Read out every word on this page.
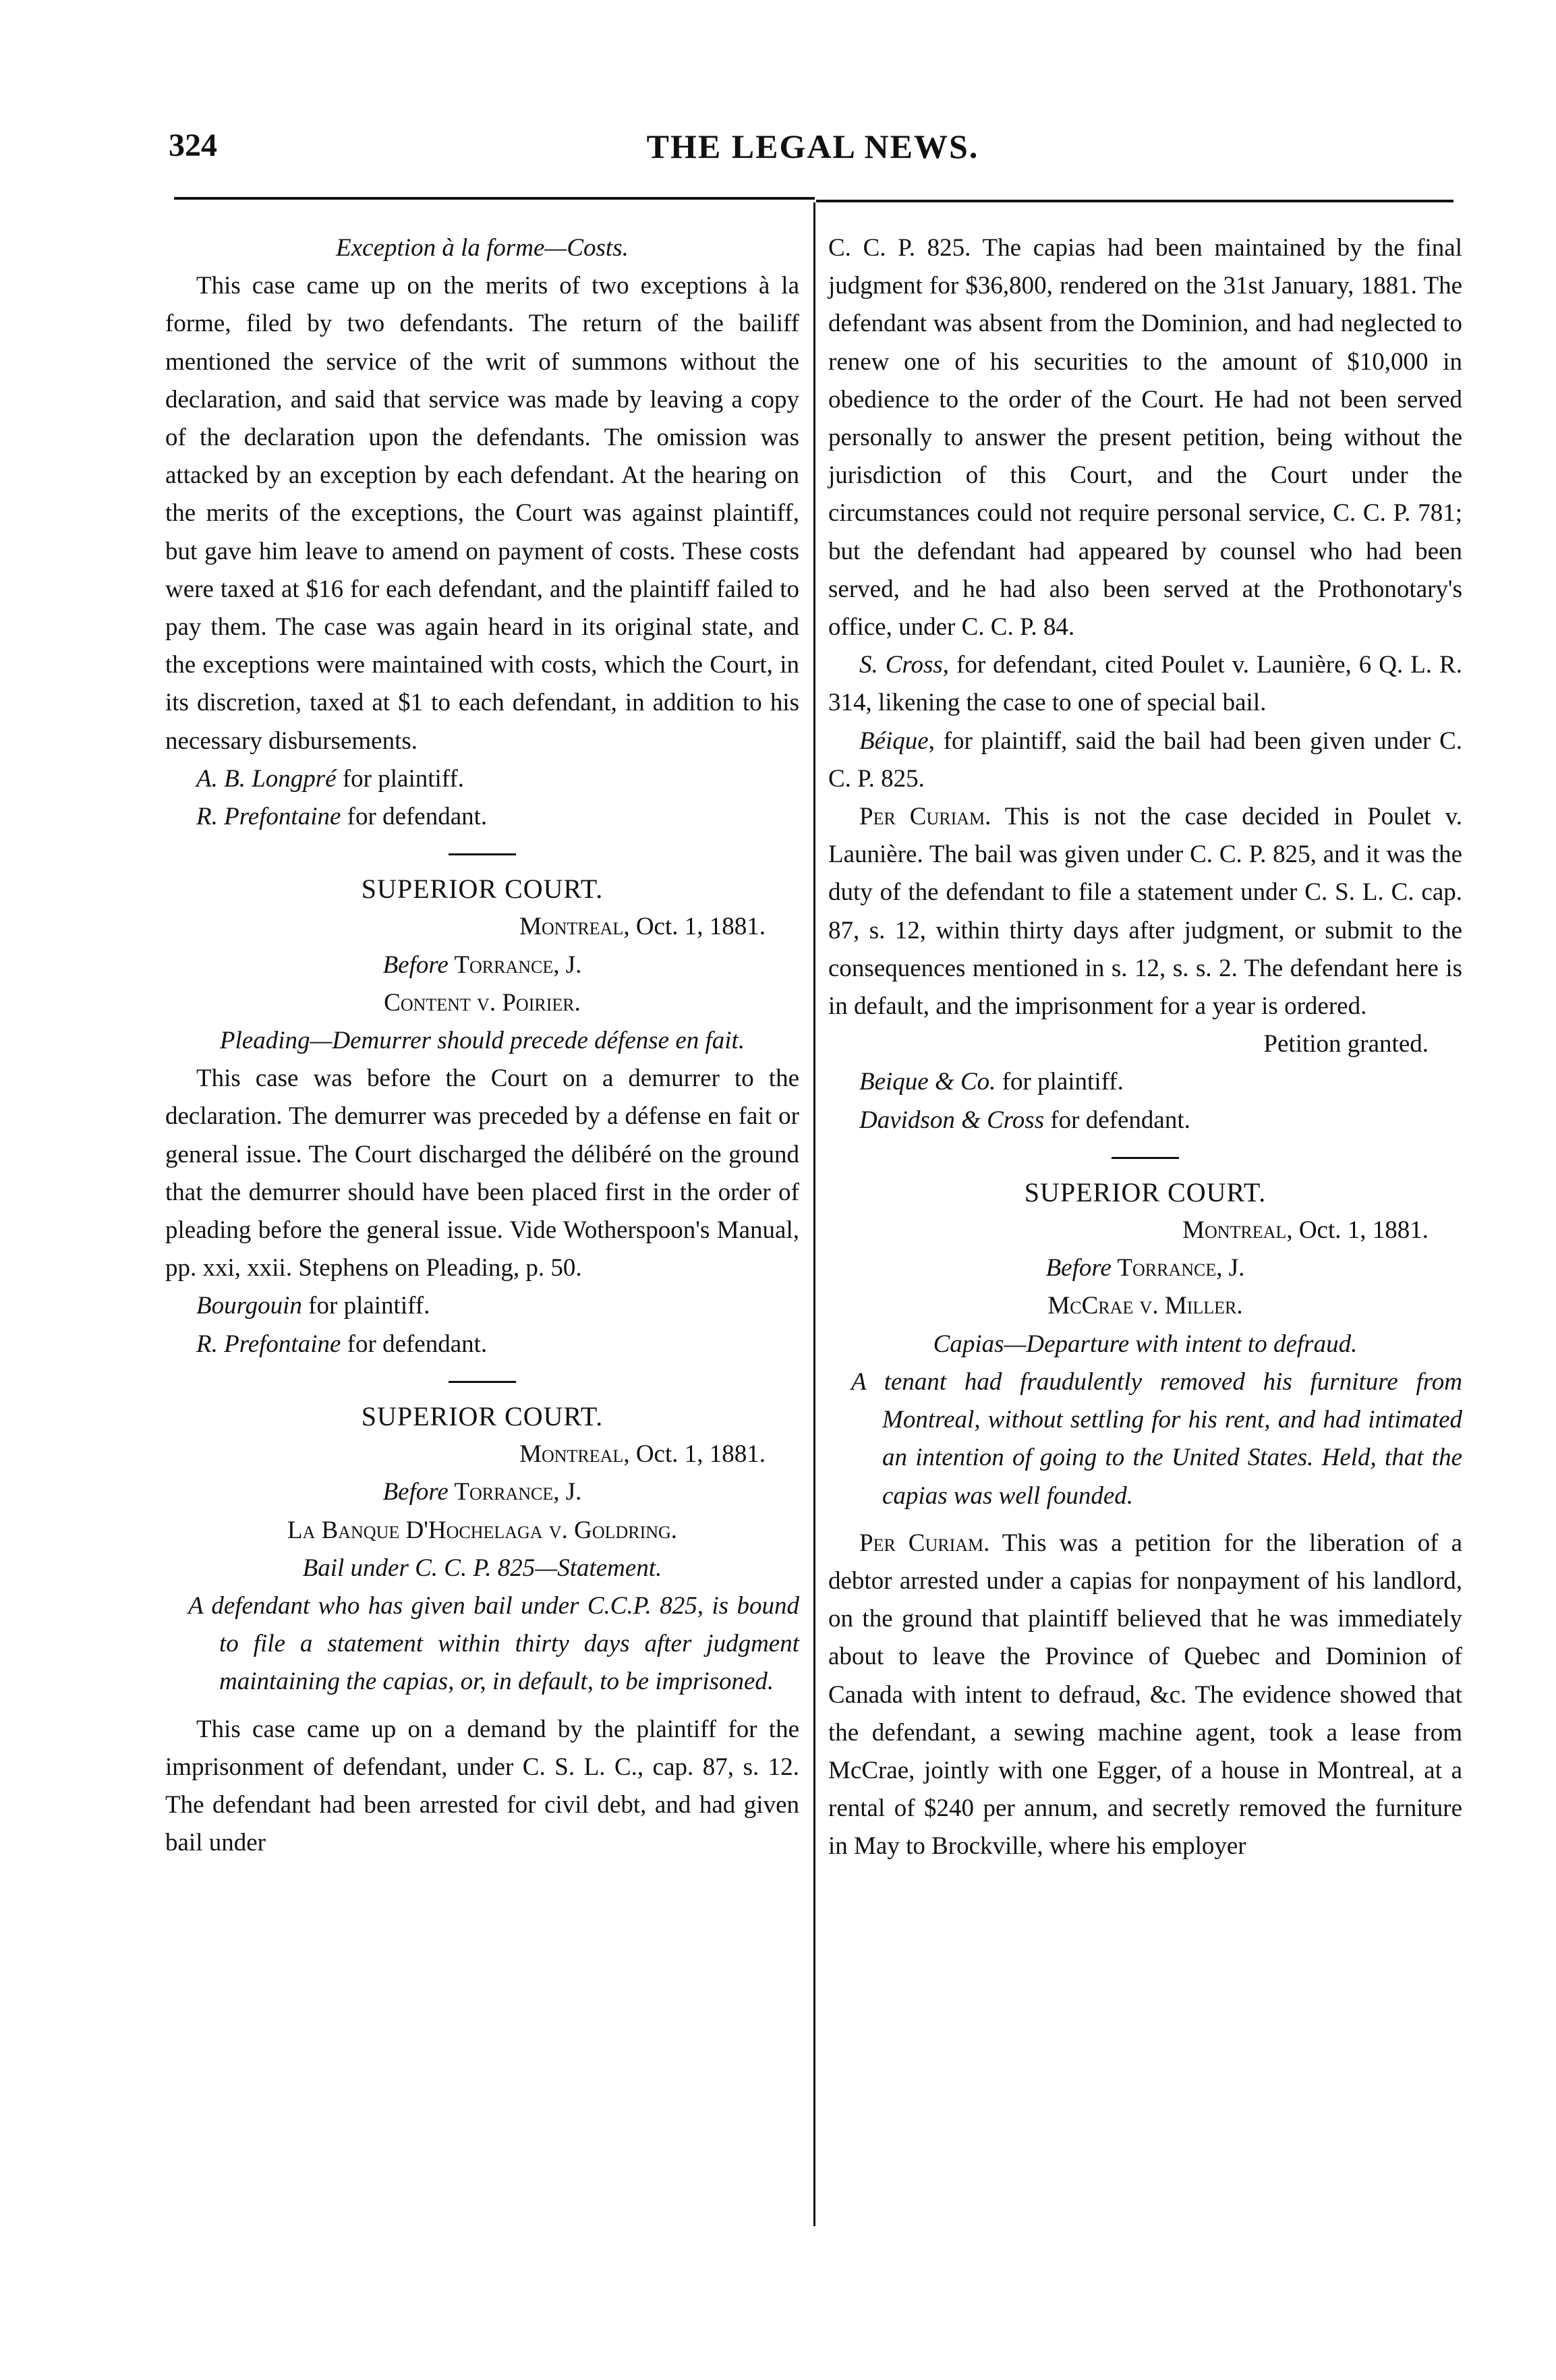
324	THE LEGAL NEWS.

Exception à la forme—Costs.

This case came up on the merits of two exceptions à la forme, filed by two defendants. The return of the bailiff mentioned the service of the writ of summons without the declaration, and said that service was made by leaving a copy of the declaration upon the defendants. The omission was attacked by an exception by each defendant. At the hearing on the merits of the exceptions, the Court was against plaintiff, but gave him leave to amend on payment of costs. These costs were taxed at $16 for each defendant, and the plaintiff failed to pay them. The case was again heard in its original state, and the exceptions were maintained with costs, which the Court, in its discretion, taxed at $1 to each defendant, in addition to his necessary disbursements.

A. B. Longpré for plaintiff.

R. Prefontaine for defendant.

SUPERIOR COURT.

Montreal, Oct. 1, 1881.

Before Torrance, J.

Content v. Poirier.

Pleading—Demurrer should precede défense en fait.

This case was before the Court on a demurrer to the declaration. The demurrer was preceded by a défense en fait or general issue. The Court discharged the délibéré on the ground that the demurrer should have been placed first in the order of pleading before the general issue. Vide Wotherspoon's Manual, pp. xxi, xxii. Stephens on Pleading, p. 50.

Bourgouin for plaintiff.

R. Prefontaine for defendant.

SUPERIOR COURT.

Montreal, Oct. 1, 1881.

Before Torrance, J.

La Banque D'Hochelaga v. Goldring.

Bail under C. C. P. 825—Statement.

A defendant who has given bail under C.C.P. 825, is bound to file a statement within thirty days after judgment maintaining the capias, or, in default, to be imprisoned.

This case came up on a demand by the plaintiff for the imprisonment of defendant, under C. S. L. C., cap. 87, s. 12. The defendant had been arrested for civil debt, and had given bail under

C. C. P. 825. The capias had been maintained by the final judgment for $36,800, rendered on the 31st January, 1881. The defendant was absent from the Dominion, and had neglected to renew one of his securities to the amount of $10,000 in obedience to the order of the Court. He had not been served personally to answer the present petition, being without the jurisdiction of this Court, and the Court under the circumstances could not require personal service, C. C. P. 781; but the defendant had appeared by counsel who had been served, and he had also been served at the Prothonotary's office, under C. C. P. 84.

S. Cross, for defendant, cited Poulet v. Launière, 6 Q. L. R. 314, likening the case to one of special bail.

Béique, for plaintiff, said the bail had been given under C. C. P. 825.

Per Curiam. This is not the case decided in Poulet v. Launière. The bail was given under C. C. P. 825, and it was the duty of the defendant to file a statement under C. S. L. C. cap. 87, s. 12, within thirty days after judgment, or submit to the consequences mentioned in s. 12, s. s. 2. The defendant here is in default, and the imprisonment for a year is ordered.

Petition granted.

Beique & Co. for plaintiff.

Davidson & Cross for defendant.

SUPERIOR COURT.

Montreal, Oct. 1, 1881.

Before Torrance, J.

McCrae v. Miller.

Capias—Departure with intent to defraud.

A tenant had fraudulently removed his furniture from Montreal, without settling for his rent, and had intimated an intention of going to the United States. Held, that the capias was well founded.

Per Curiam. This was a petition for the liberation of a debtor arrested under a capias for nonpayment of his landlord, on the ground that plaintiff believed that he was immediately about to leave the Province of Quebec and Dominion of Canada with intent to defraud, &c. The evidence showed that the defendant, a sewing machine agent, took a lease from McCrae, jointly with one Egger, of a house in Montreal, at a rental of $240 per annum, and secretly removed the furniture in May to Brockville, where his employer
